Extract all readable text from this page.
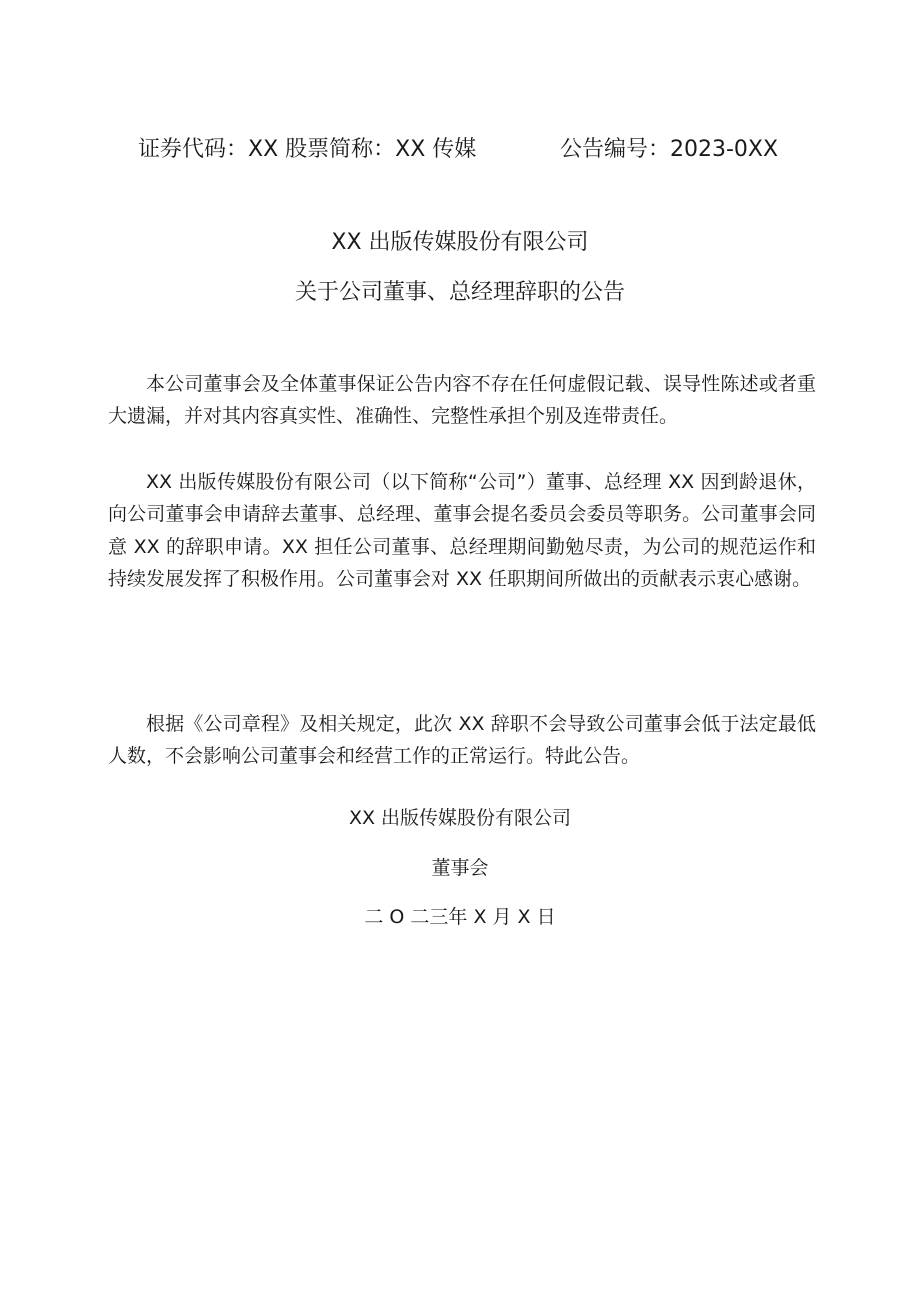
证券代码：XX 股票简称：XX 传媒	公告编号：2023-0XX
XX 出版传媒股份有限公司
关于公司董事、总经理辞职的公告

本公司董事会及全体董事保证公告内容不存在任何虚假记载、误导性陈述或者重大遗漏，并对其内容真实性、准确性、完整性承担个别及连带责任。

XX 出版传媒股份有限公司（以下简称“公司”）董事、总经理 XX 因到龄退休，向公司董事会申请辞去董事、总经理、董事会提名委员会委员等职务。公司董事会同意 XX 的辞职申请。XX 担任公司董事、总经理期间勤勉尽责，为公司的规范运作和持续发展发挥了积极作用。公司董事会对 XX 任职期间所做出的贡献表示衷心感谢。

根据《公司章程》及相关规定，此次 XX 辞职不会导致公司董事会低于法定最低人数，不会影响公司董事会和经营工作的正常运行。特此公告。

XX 出版传媒股份有限公司
董事会
二 O 二三年 X 月 X 日
